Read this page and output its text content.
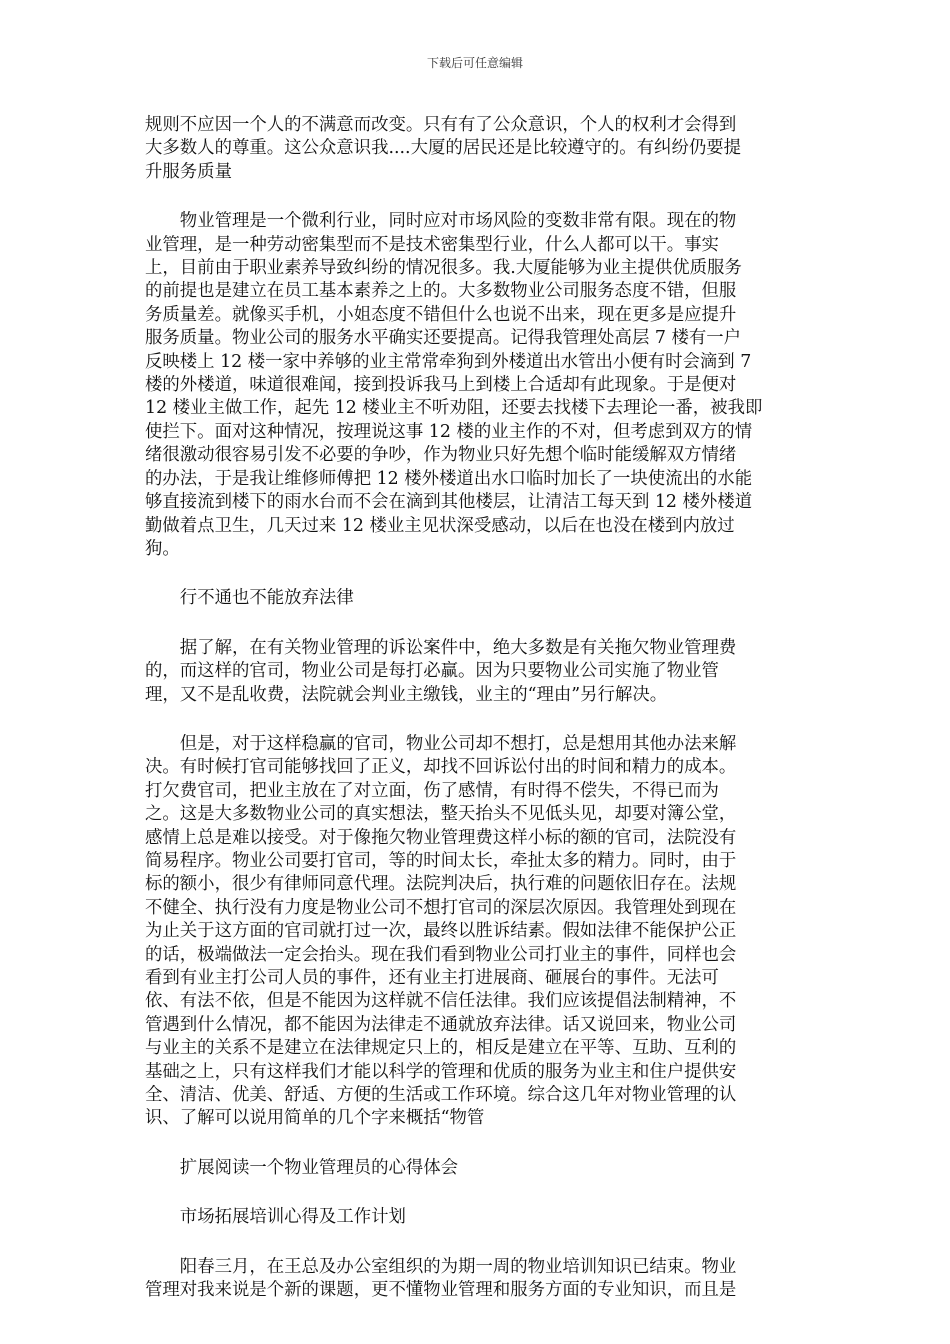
下载后可任意编辑

规则不应因一个人的不满意而改变。只有有了公众意识，个人的权利才会得到
大多数人的尊重。这公众意识我....大厦的居民还是比较遵守的。有纠纷仍要提
升服务质量

物业管理是一个微利行业，同时应对市场风险的变数非常有限。现在的物
业管理，是一种劳动密集型而不是技术密集型行业，什么人都可以干。事实
上，目前由于职业素养导致纠纷的情况很多。我.大厦能够为业主提供优质服务
的前提也是建立在员工基本素养之上的。大多数物业公司服务态度不错，但服
务质量差。就像买手机，小姐态度不错但什么也说不出来，现在更多是应提升
服务质量。物业公司的服务水平确实还要提高。记得我管理处高层 7 楼有一户
反映楼上 12 楼一家中养够的业主常常牵狗到外楼道出水管出小便有时会滴到 7
楼的外楼道，味道很难闻，接到投诉我马上到楼上合适却有此现象。于是便对
12 楼业主做工作，起先 12 楼业主不听劝阻，还要去找楼下去理论一番，被我即
使拦下。面对这种情况，按理说这事 12 楼的业主作的不对，但考虑到双方的情
绪很激动很容易引发不必要的争吵，作为物业只好先想个临时能缓解双方情绪
的办法，于是我让维修师傅把 12 楼外楼道出水口临时加长了一块使流出的水能
够直接流到楼下的雨水台而不会在滴到其他楼层，让清洁工每天到 12 楼外楼道
勤做着点卫生，几天过来 12 楼业主见状深受感动，以后在也没在楼到内放过
狗。

行不通也不能放弃法律

据了解，在有关物业管理的诉讼案件中，绝大多数是有关拖欠物业管理费
的，而这样的官司，物业公司是每打必赢。因为只要物业公司实施了物业管
理，又不是乱收费，法院就会判业主缴钱，业主的“理由”另行解决。

但是，对于这样稳赢的官司，物业公司却不想打，总是想用其他办法来解
决。有时候打官司能够找回了正义，却找不回诉讼付出的时间和精力的成本。
打欠费官司，把业主放在了对立面，伤了感情，有时得不偿失，不得已而为
之。这是大多数物业公司的真实想法，整天抬头不见低头见，却要对簿公堂，
感情上总是难以接受。对于像拖欠物业管理费这样小标的额的官司，法院没有
简易程序。物业公司要打官司，等的时间太长，牵扯太多的精力。同时，由于
标的额小，很少有律师同意代理。法院判决后，执行难的问题依旧存在。法规
不健全、执行没有力度是物业公司不想打官司的深层次原因。我管理处到现在
为止关于这方面的官司就打过一次，最终以胜诉结素。假如法律不能保护公正
的话，极端做法一定会抬头。现在我们看到物业公司打业主的事件，同样也会
看到有业主打公司人员的事件，还有业主打进展商、砸展台的事件。无法可
依、有法不依，但是不能因为这样就不信任法律。我们应该提倡法制精神，不
管遇到什么情况，都不能因为法律走不通就放弃法律。话又说回来，物业公司
与业主的关系不是建立在法律规定只上的，相反是建立在平等、互助、互利的
基础之上，只有这样我们才能以科学的管理和优质的服务为业主和住户提供安
全、清洁、优美、舒适、方便的生活或工作环境。综合这几年对物业管理的认
识、了解可以说用简单的几个字来概括“物管

扩展阅读一个物业管理员的心得体会

市场拓展培训心得及工作计划

阳春三月，在王总及办公室组织的为期一周的物业培训知识已结束。物业
管理对我来说是个新的课题，更不懂物业管理和服务方面的专业知识，而且是
